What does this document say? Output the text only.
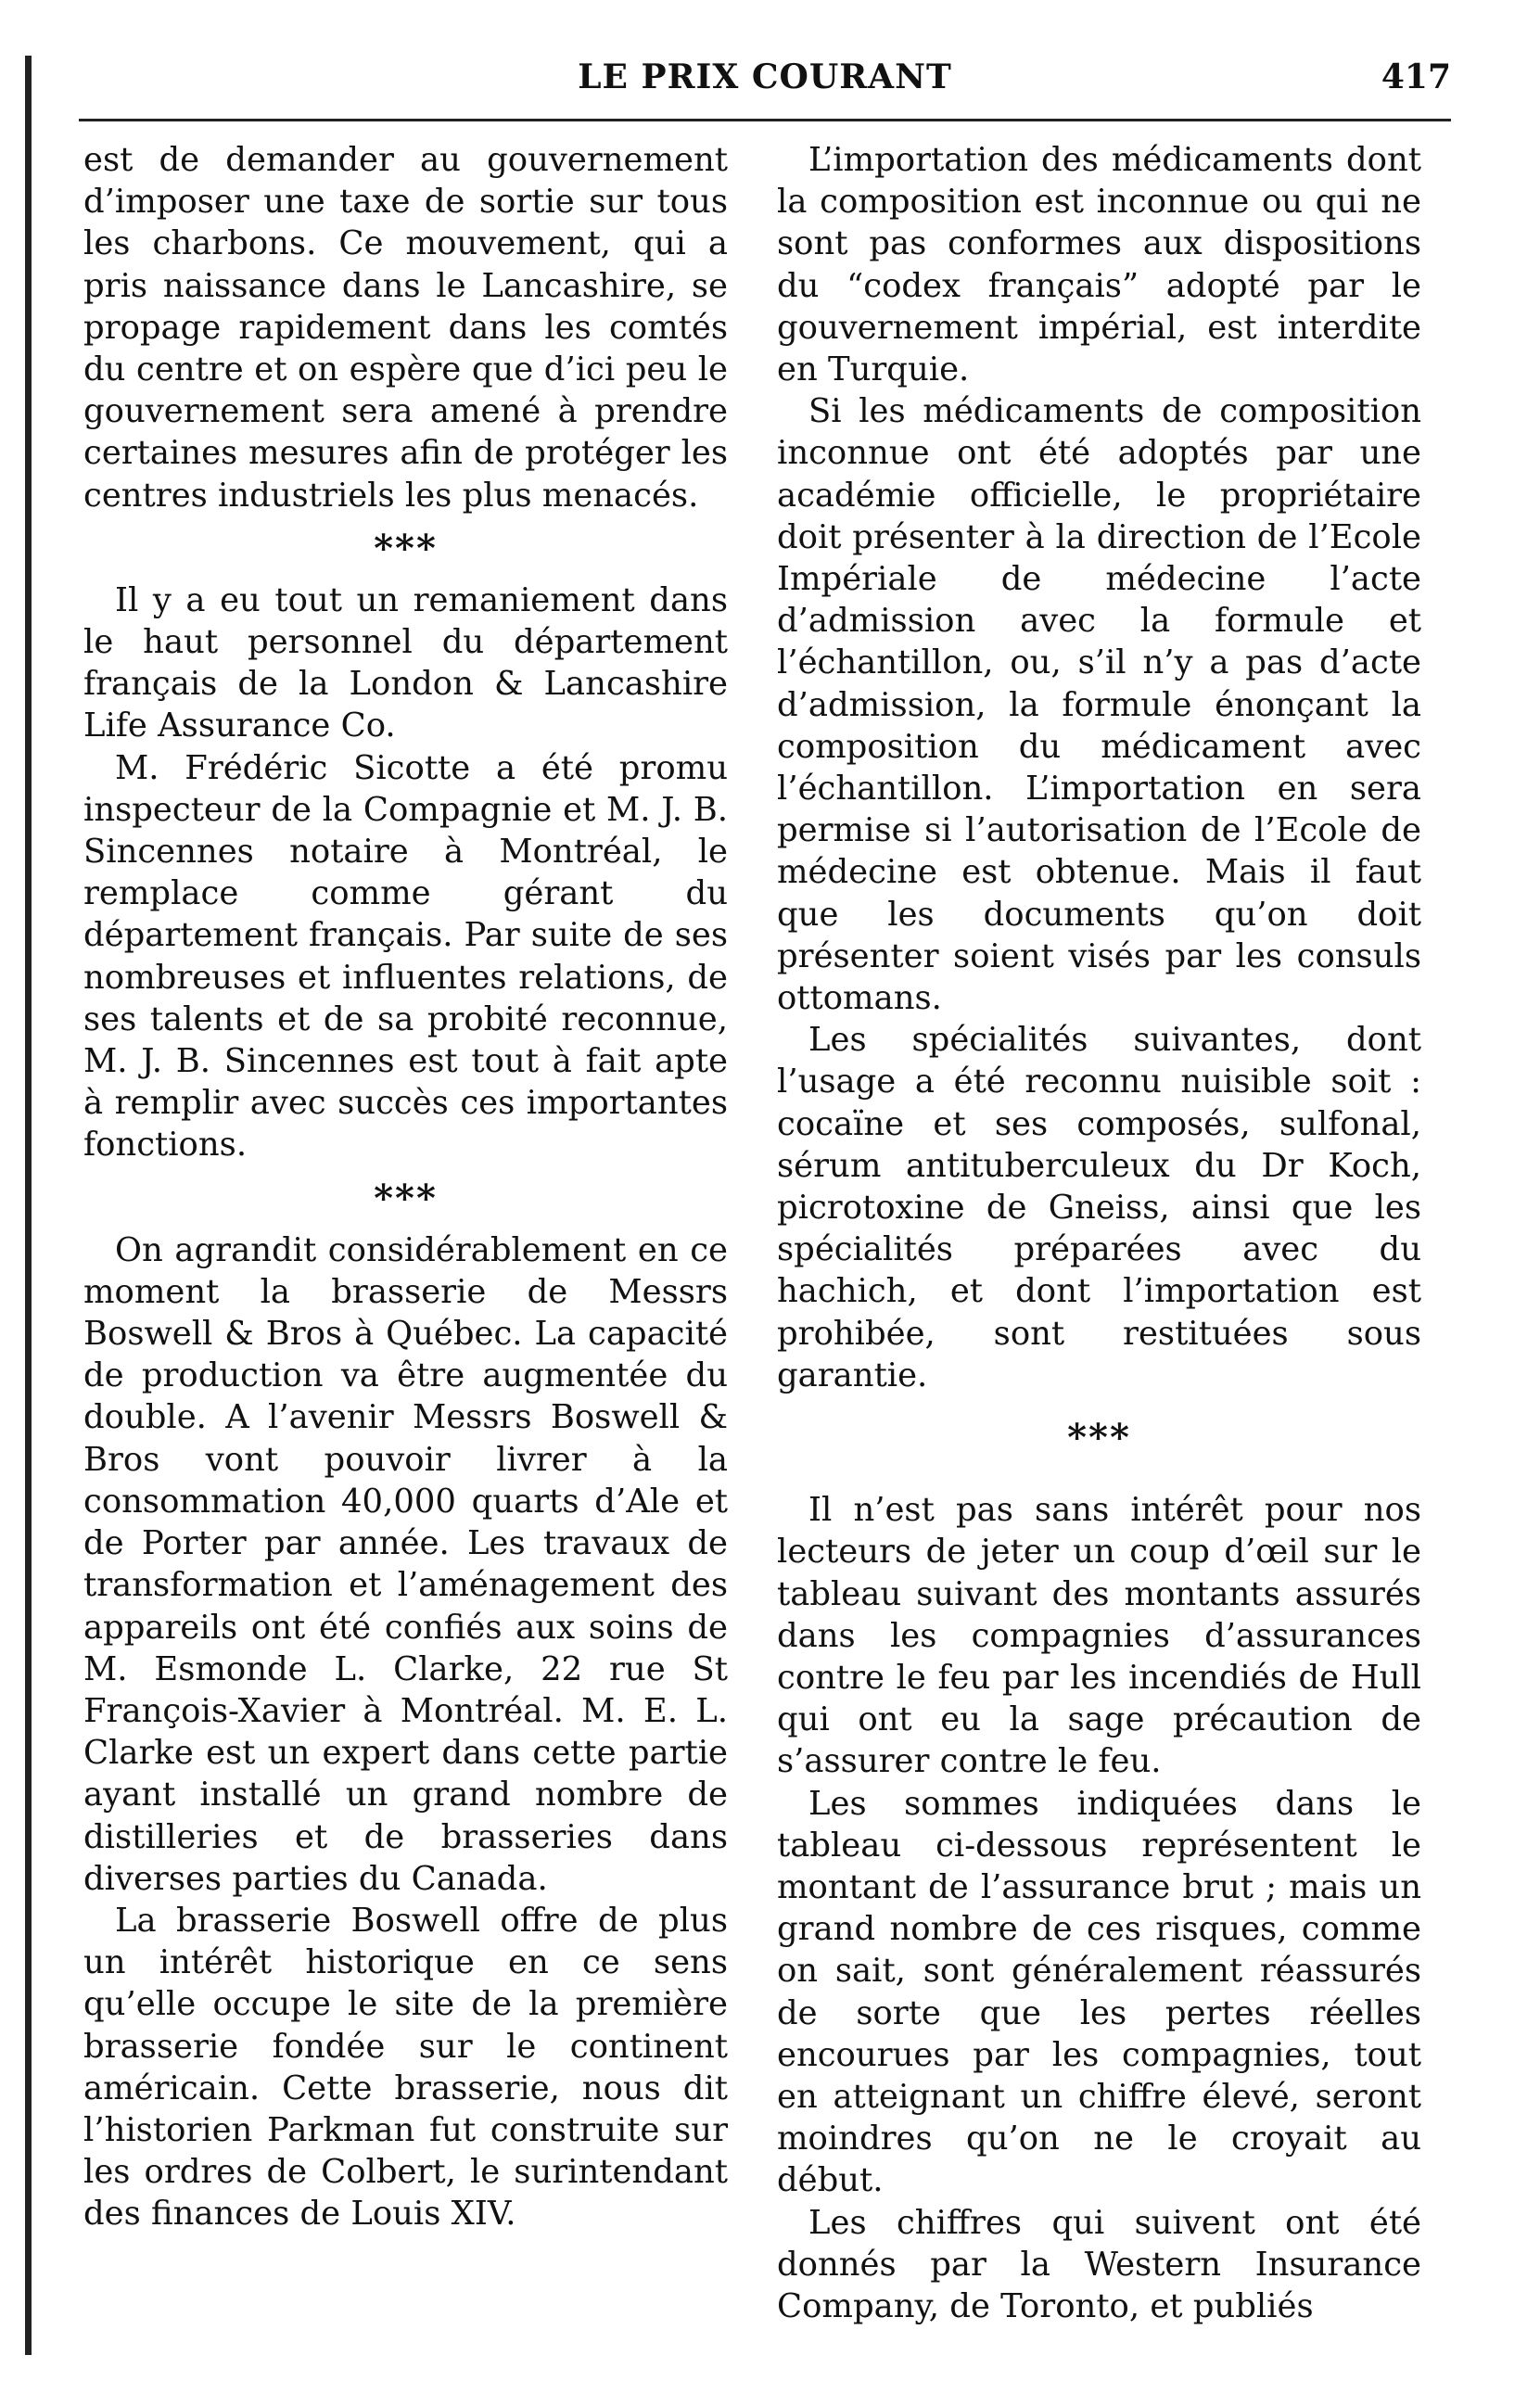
LE PRIX COURANT	417

est de demander au gouvernement d’imposer une taxe de sortie sur tous les charbons. Ce mouvement, qui a pris naissance dans le Lancashire, se propage rapidement dans les comtés du centre et on espère que d’ici peu le gouvernement sera amené à prendre certaines mesures afin de protéger les centres industriels les plus menacés.

***

Il y a eu tout un remaniement dans le haut personnel du département français de la London & Lancashire Life Assurance Co.

M. Frédéric Sicotte a été promu inspecteur de la Compagnie et M. J. B. Sincennes notaire à Montréal, le remplace comme gérant du département français. Par suite de ses nombreuses et influentes relations, de ses talents et de sa probité reconnue, M. J. B. Sincennes est tout à fait apte à remplir avec succès ces importantes fonctions.

***

On agrandit considérablement en ce moment la brasserie de Messrs Boswell & Bros à Québec. La capacité de production va être augmentée du double. A l’avenir Messrs Boswell & Bros vont pouvoir livrer à la consommation 40,000 quarts d’Ale et de Porter par année. Les travaux de transformation et l’aménagement des appareils ont été confiés aux soins de M. Esmonde L. Clarke, 22 rue St François-Xavier à Montréal. M. E. L. Clarke est un expert dans cette partie ayant installé un grand nombre de distilleries et de brasseries dans diverses parties du Canada.

La brasserie Boswell offre de plus un intérêt historique en ce sens qu’elle occupe le site de la première brasserie fondée sur le continent américain. Cette brasserie, nous dit l’historien Parkman fut construite sur les ordres de Colbert, le surintendant des finances de Louis XIV.

L’importation des médicaments dont la composition est inconnue ou qui ne sont pas conformes aux dispositions du “codex français” adopté par le gouvernement impérial, est interdite en Turquie.

Si les médicaments de composition inconnue ont été adoptés par une académie officielle, le propriétaire doit présenter à la direction de l’Ecole Impériale de médecine l’acte d’admission avec la formule et l’échantillon, ou, s’il n’y a pas d’acte d’admission, la formule énonçant la composition du médicament avec l’échantillon. L’importation en sera permise si l’autorisation de l’Ecole de médecine est obtenue. Mais il faut que les documents qu’on doit présenter soient visés par les consuls ottomans.

Les spécialités suivantes, dont l’usage a été reconnu nuisible soit : cocaïne et ses composés, sulfonal, sérum antituberculeux du Dr Koch, picrotoxine de Gneiss, ainsi que les spécialités préparées avec du hachich, et dont l’importation est prohibée, sont restituées sous garantie.

***

Il n’est pas sans intérêt pour nos lecteurs de jeter un coup d’œil sur le tableau suivant des montants assurés dans les compagnies d’assurances contre le feu par les incendiés de Hull qui ont eu la sage précaution de s’assurer contre le feu.

Les sommes indiquées dans le tableau ci-dessous représentent le montant de l’assurance brut ; mais un grand nombre de ces risques, comme on sait, sont généralement réassurés de sorte que les pertes réelles encourues par les compagnies, tout en atteignant un chiffre élevé, seront moindres qu’on ne le croyait au début.

Les chiffres qui suivent ont été donnés par la Western Insurance Company, de Toronto, et publiés
